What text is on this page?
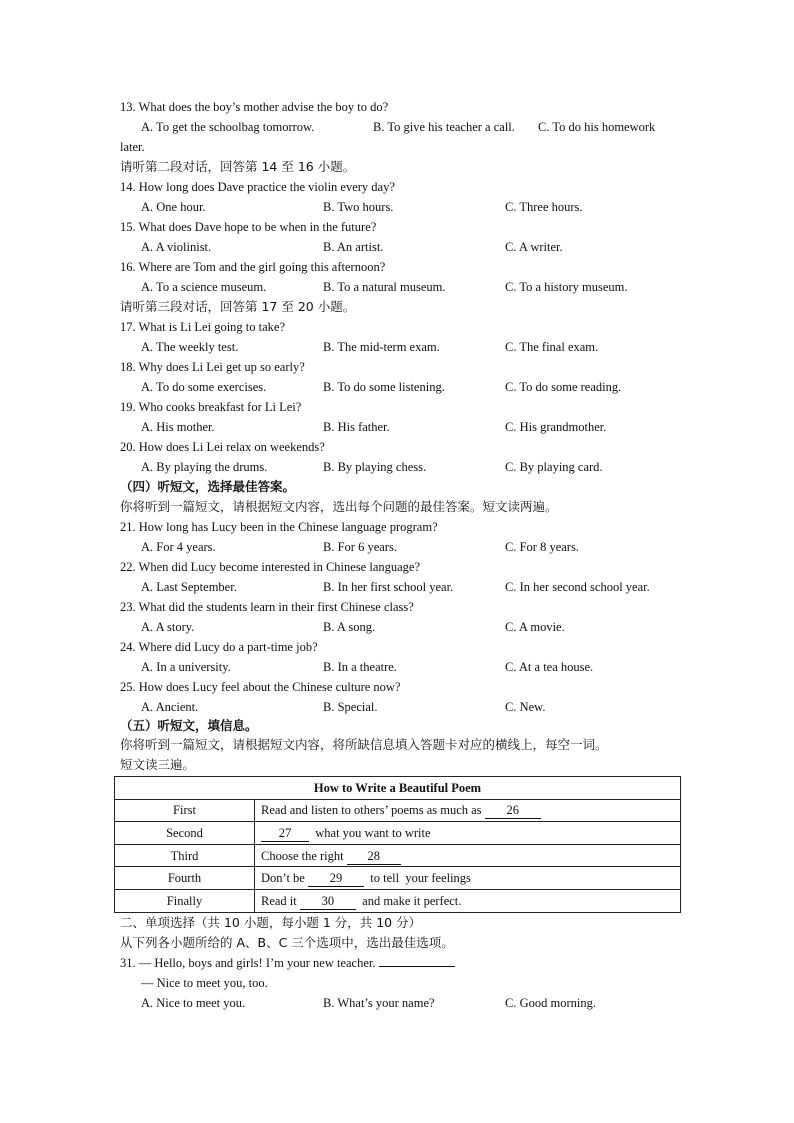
13. What does the boy’s mother advise the boy to do?
A. To get the schoolbag tomorrow.	B. To give his teacher a call. C. To do his homework
later.
请听第二段对话，回答第 14 至 16 小题。
14. How long does Dave practice the violin every day?
A. One hour.	B. Two hours.	C. Three hours.
15. What does Dave hope to be when in the future?
A. A violinist.	B. An artist.	C. A writer.
16. Where are Tom and the girl going this afternoon?
A. To a science museum.	B. To a natural museum.	C. To a history museum.
请听第三段对话，回答第 17 至 20 小题。
17. What is Li Lei going to take?
A. The weekly test.	B. The mid-term exam.	C. The final exam.
18. Why does Li Lei get up so early?
A. To do some exercises.	B. To do some listening.	C. To do some reading.
19. Who cooks breakfast for Li Lei?
A. His mother.	B. His father.	C. His grandmother.
20. How does Li Lei relax on weekends?
A. By playing the drums.	B. By playing chess.	C. By playing card.
（四）听短文，选择最佳答案。
你将听到一篇短文，请根据短文内容，选出每个问题的最佳答案。短文读两遍。
21. How long has Lucy been in the Chinese language program?
A. For 4 years.	B. For 6 years.	C. For 8 years.
22. When did Lucy become interested in Chinese language?
A. Last September.	B. In her first school year.	C. In her second school year.
23. What did the students learn in their first Chinese class?
A. A story.	B. A song.	C. A movie.
24. Where did Lucy do a part-time job?
A. In a university.	B. In a theatre.	C. At a tea house.
25. How does Lucy feel about the Chinese culture now?
A. Ancient.	B. Special.	C. New.
（五）听短文，填信息。
你将听到一篇短文，请根据短文内容，将所缺信息填入答题卡对应的横线上，每空一词。
短文读三遍。
How to Write a Beautiful Poem	
First	Read and listen to others’ poems as much as 26
Second	27  what you want to write
Third	Choose the right 28
Fourth	Don’t be 29  to tell  your feelings
Finally	Read it 30  and make it perfect.
二、单项选择（共 10 小题，每小题 1 分，共 10 分）
从下列各小题所给的 A、B、C 三个选项中，选出最佳选项。
31. — Hello, boys and girls! I’m your new teacher.
— Nice to meet you, too.
A. Nice to meet you.	B. What’s your name?	C. Good morning.
